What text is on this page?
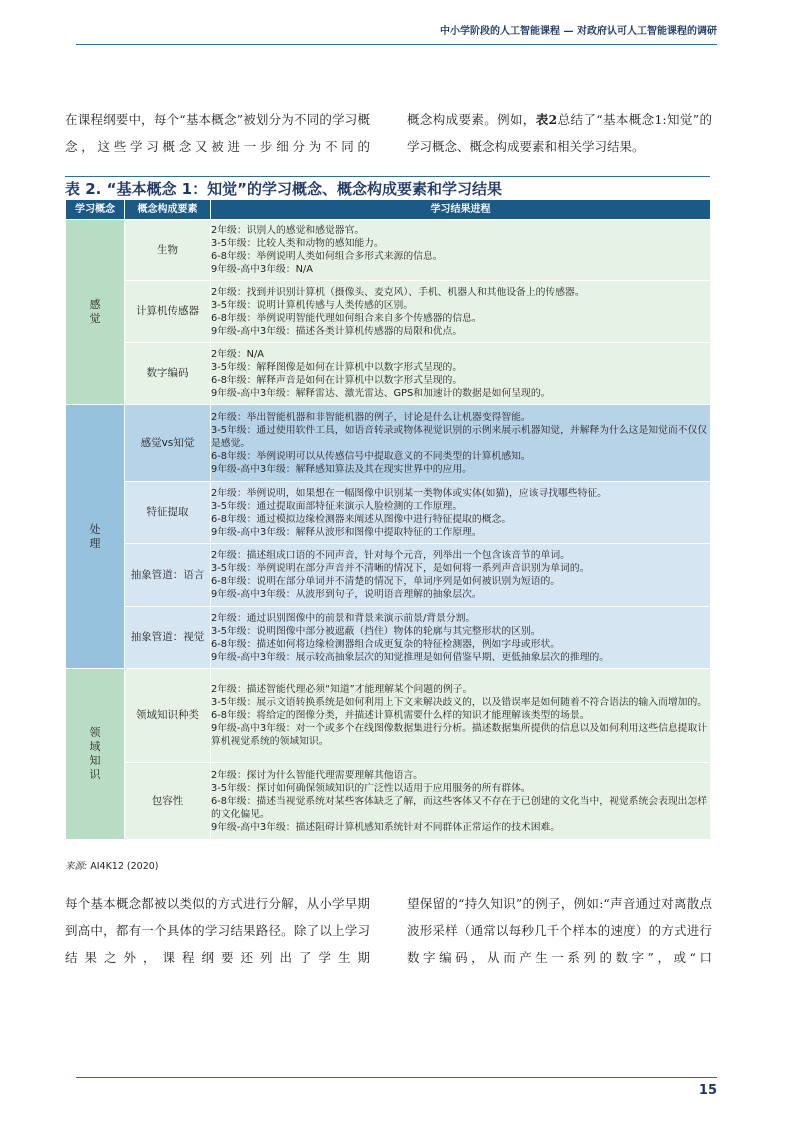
中小学阶段的人工智能课程 — 对政府认可人工智能课程的调研

在课程纲要中，每个“基本概念”被划分为不同的学习概念，这些学习概念又被进一步细分为不同的

概念构成要素。例如，表2总结了“基本概念1:知觉”的学习概念、概念构成要素和相关学习结果。

表 2. “基本概念 1：知觉”的学习概念、概念构成要素和学习结果
学习概念	概念构成要素	学习结果进程
感觉	生物	2年级：识别人的感觉和感觉器官。
3-5年级：比较人类和动物的感知能力。
6-8年级：举例说明人类如何组合多形式来源的信息。
9年级-高中3年级：N/A

	计算机传感器	2年级：找到并识别计算机（摄像头、麦克风）、手机、机器人和其他设备上的传感器。
3-5年级：说明计算机传感与人类传感的区别。
6-8年级：举例说明智能代理如何组合来自多个传感器的信息。
9年级-高中3年级：描述各类计算机传感器的局限和优点。

	数字编码	2年级：N/A
3-5年级：解释图像是如何在计算机中以数字形式呈现的。
6-8年级：解释声音是如何在计算机中以数字形式呈现的。
9年级-高中3年级：解释雷达、激光雷达、GPS和加速计的数据是如何呈现的。

处理	感觉vs知觉	2年级：举出智能机器和非智能机器的例子，讨论是什么让机器变得智能。
3-5年级：通过使用软件工具，如语音转录或物体视觉识别的示例来展示机器知觉，并解释为什么这是知觉而不仅仅是感觉。
6-8年级：举例说明可以从传感信号中提取意义的不同类型的计算机感知。
9年级-高中3年级：解释感知算法及其在现实世界中的应用。

	特征提取	2年级：举例说明，如果想在一幅图像中识别某一类物体或实体(如猫)，应该寻找哪些特征。
3-5年级：通过提取面部特征来演示人脸检测的工作原理。
6-8年级：通过模拟边缘检测器来阐述从图像中进行特征提取的概念。
9年级-高中3年级：解释从波形和图像中提取特征的工作原理。

	抽象管道：语言	2年级：描述组成口语的不同声音，针对每个元音，列举出一个包含该音节的单词。
3-5年级：举例说明在部分声音并不清晰的情况下，是如何将一系列声音识别为单词的。
6-8年级：说明在部分单词并不清楚的情况下，单词序列是如何被识别为短语的。
9年级-高中3年级：从波形到句子，说明语音理解的抽象层次。

	抽象管道：视觉	2年级：通过识别图像中的前景和背景来演示前景/背景分割。
3-5年级：说明图像中部分被遮蔽（挡住）物体的轮廓与其完整形状的区别。
6-8年级：描述如何将边缘检测器组合成更复杂的特征检测器，例如字母或形状。
9年级-高中3年级：展示较高抽象层次的知觉推理是如何借鉴早期、更低抽象层次的推理的。

领域知识	领域知识种类	2年级：描述智能代理必须“知道”才能理解某个问题的例子。
3-5年级：展示文语转换系统是如何利用上下文来解决歧义的，以及错误率是如何随着不符合语法的输入而增加的。
6-8年级：将给定的图像分类，并描述计算机需要什么样的知识才能理解该类型的场景。
9年级-高中3年级：对一个或多个在线图像数据集进行分析。描述数据集所提供的信息以及如何利用这些信息提取计算机视觉系统的领域知识。

	包容性	2年级：探讨为什么智能代理需要理解其他语言。
3-5年级：探讨如何确保领域知识的广泛性以适用于应用服务的所有群体。
6-8年级：描述当视觉系统对某些客体缺乏了解，而这些客体又不存在于已创建的文化当中，视觉系统会表现出怎样的文化偏见。
9年级-高中3年级：描述阻碍计算机感知系统针对不同群体正常运作的技术困难。
来源: AI4K12 (2020)

每个基本概念都被以类似的方式进行分解，从小学早期到高中，都有一个具体的学习结果路径。除了以上学习结果之外，课程纲要还列出了学生期

望保留的“持久知识”的例子，例如:“声音通过对离散点波形采样（通常以每秒几千个样本的速度）的方式进行数字编码，从而产生一系列的数字”，或“口

15
